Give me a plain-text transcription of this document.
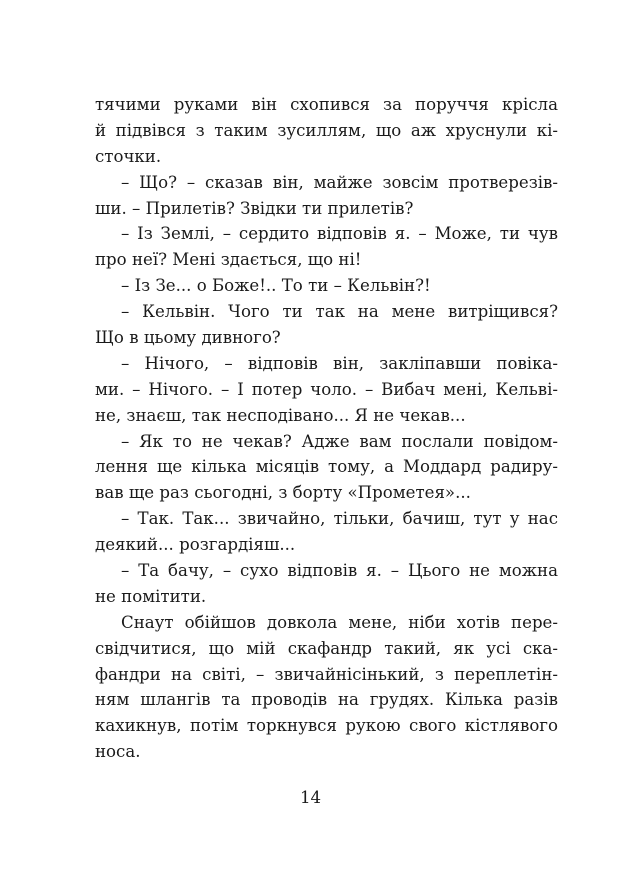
тячими руками він схопився за поруччя крісла
й підвівся з таким зусиллям, що аж хруснули кі-
сточки.
– Що? – сказав він, майже зовсім протверезів-
ши. – Прилетів? Звідки ти прилетів?
– Із Землі, – сердито відповів я. – Може, ти чув
про неї? Мені здається, що ні!
– Із Зе... о Боже!.. То ти – Кельвін?!
– Кельвін. Чого ти так на мене витріщився?
Що в цьому дивного?
– Нічого, – відповів він, закліпавши повіка-
ми. – Нічого. – І потер чоло. – Вибач мені, Кельві-
не, знаєш, так несподівано... Я не чекав...
– Як то не чекав? Адже вам послали повідом-
лення ще кілька місяців тому, а Моддард радиру-
вав ще раз сьогодні, з борту «Прометея»...
– Так. Так... звичайно, тільки, бачиш, тут у нас
деякий... розгардіяш...
– Та бачу, – сухо відповів я. – Цього не можна
не помітити.
Снаут обійшов довкола мене, ніби хотів пере-
свідчитися, що мій скафандр такий, як усі ска-
фандри на світі, – звичайнісінький, з переплетін-
ням шлангів та проводів на грудях. Кілька разів
кахикнув, потім торкнувся рукою свого кістлявого
носа.
14
